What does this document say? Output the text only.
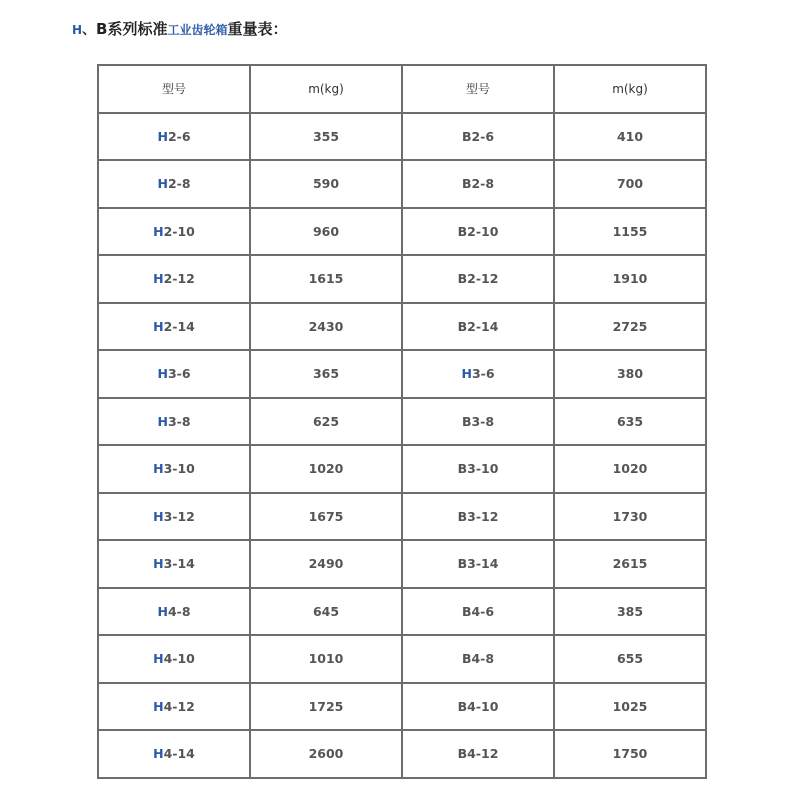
H 、 B系列标准 工业齿轮箱 重量表：
型号	m(kg)	型号	m(kg)
H2-6	355	B2-6	410
H2-8	590	B2-8	700
H2-10	960	B2-10	1155
H2-12	1615	B2-12	1910
H2-14	2430	B2-14	2725
H3-6	365	H3-6	380
H3-8	625	B3-8	635
H3-10	1020	B3-10	1020
H3-12	1675	B3-12	1730
H3-14	2490	B3-14	2615
H4-8	645	B4-6	385
H4-10	1010	B4-8	655
H4-12	1725	B4-10	1025
H4-14	2600	B4-12	1750
